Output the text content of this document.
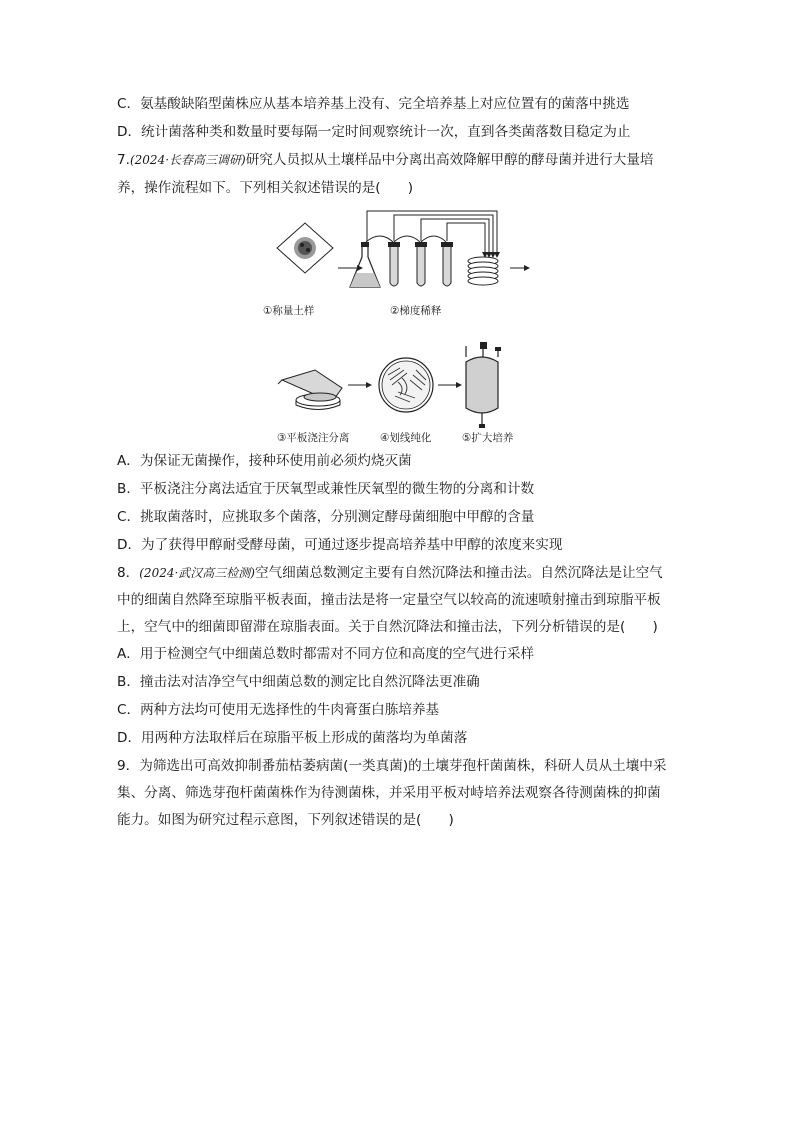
C．氨基酸缺陷型菌株应从基本培养基上没有、完全培养基上对应位置有的菌落中挑选
D．统计菌落种类和数量时要每隔一定时间观察统计一次，直到各类菌落数目稳定为止
7.(2024·长春高三调研)研究人员拟从土壤样品中分离出高效降解甲醇的酵母菌并进行大量培
养，操作流程如下。下列相关叙述错误的是(　　)
①称量土样	②梯度稀释
③平板浇注分离	④划线纯化	⑤扩大培养
A．为保证无菌操作，接种环使用前必须灼烧灭菌
B．平板浇注分离法适宜于厌氧型或兼性厌氧型的微生物的分离和计数
C．挑取菌落时，应挑取多个菌落，分别测定酵母菌细胞中甲醇的含量
D．为了获得甲醇耐受酵母菌，可通过逐步提高培养基中甲醇的浓度来实现
8．(2024·武汉高三检测)空气细菌总数测定主要有自然沉降法和撞击法。自然沉降法是让空气
中的细菌自然降至琼脂平板表面，撞击法是将一定量空气以较高的流速喷射撞击到琼脂平板
上，空气中的细菌即留滞在琼脂表面。关于自然沉降法和撞击法，下列分析错误的是(　　)
A．用于检测空气中细菌总数时都需对不同方位和高度的空气进行采样
B．撞击法对洁净空气中细菌总数的测定比自然沉降法更准确
C．两种方法均可使用无选择性的牛肉膏蛋白胨培养基
D．用两种方法取样后在琼脂平板上形成的菌落均为单菌落
9．为筛选出可高效抑制番茄枯萎病菌(一类真菌)的土壤芽孢杆菌菌株，科研人员从土壤中采
集、分离、筛选芽孢杆菌菌株作为待测菌株，并采用平板对峙培养法观察各待测菌株的抑菌
能力。如图为研究过程示意图，下列叙述错误的是(　　)
